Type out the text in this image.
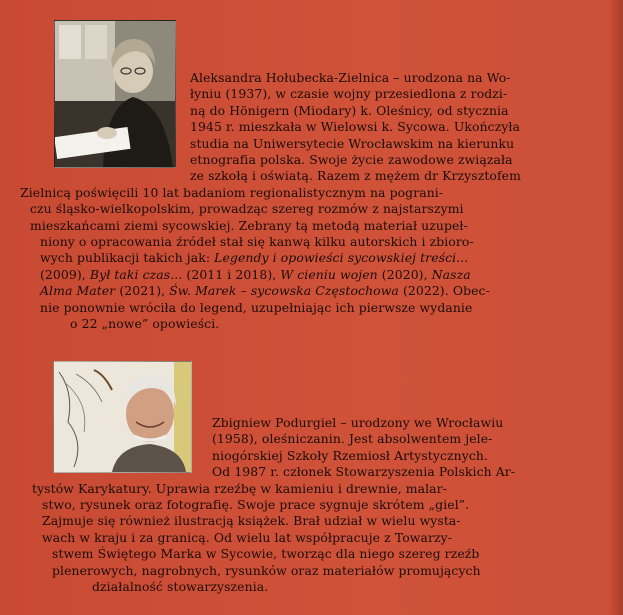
Aleksandra Hołubecka-Zielnica – urodzona na Wo-
łyniu (1937), w czasie wojny przesiedlona z rodzi-
ną do Hönigern (Miodary) k. Oleśnicy, od stycznia
1945 r. mieszkała w Wielowsi k. Sycowa. Ukończyła
studia na Uniwersytecie Wrocławskim na kierunku
etnografia polska. Swoje życie zawodowe związała
ze szkołą i oświatą. Razem z mężem dr Krzysztofem
Zielnicą poświęcili 10 lat badaniom regionalistycznym na pograni-
czu śląsko-wielkopolskim, prowadząc szereg rozmów z najstarszymi
mieszkańcami ziemi sycowskiej. Zebrany tą metodą materiał uzupeł-
niony o opracowania źródeł stał się kanwą kilku autorskich i zbioro-
wych publikacji takich jak: Legendy i opowieści sycowskiej treści...
(2009), Był taki czas... (2011 i 2018), W cieniu wojen (2020), Nasza
Alma Mater (2021), Św. Marek – sycowska Częstochowa (2022). Obec-
nie ponownie wróciła do legend, uzupełniając ich pierwsze wydanie
o 22 „nowe” opowieści.
Zbigniew Podurgiel – urodzony we Wrocławiu
(1958), oleśniczanin. Jest absolwentem jele-
niogórskiej Szkoły Rzemiosł Artystycznych.
Od 1987 r. członek Stowarzyszenia Polskich Ar-
tystów Karykatury. Uprawia rzeźbę w kamieniu i drewnie, malar-
stwo, rysunek oraz fotografię. Swoje prace sygnuje skrótem „giel”.
Zajmuje się również ilustracją książek. Brał udział w wielu wysta-
wach w kraju i za granicą. Od wielu lat współpracuje z Towarzy-
stwem Świętego Marka w Sycowie, tworząc dla niego szereg rzeźb
plenerowych, nagrobnych, rysunków oraz materiałów promujących
działalność stowarzyszenia.
